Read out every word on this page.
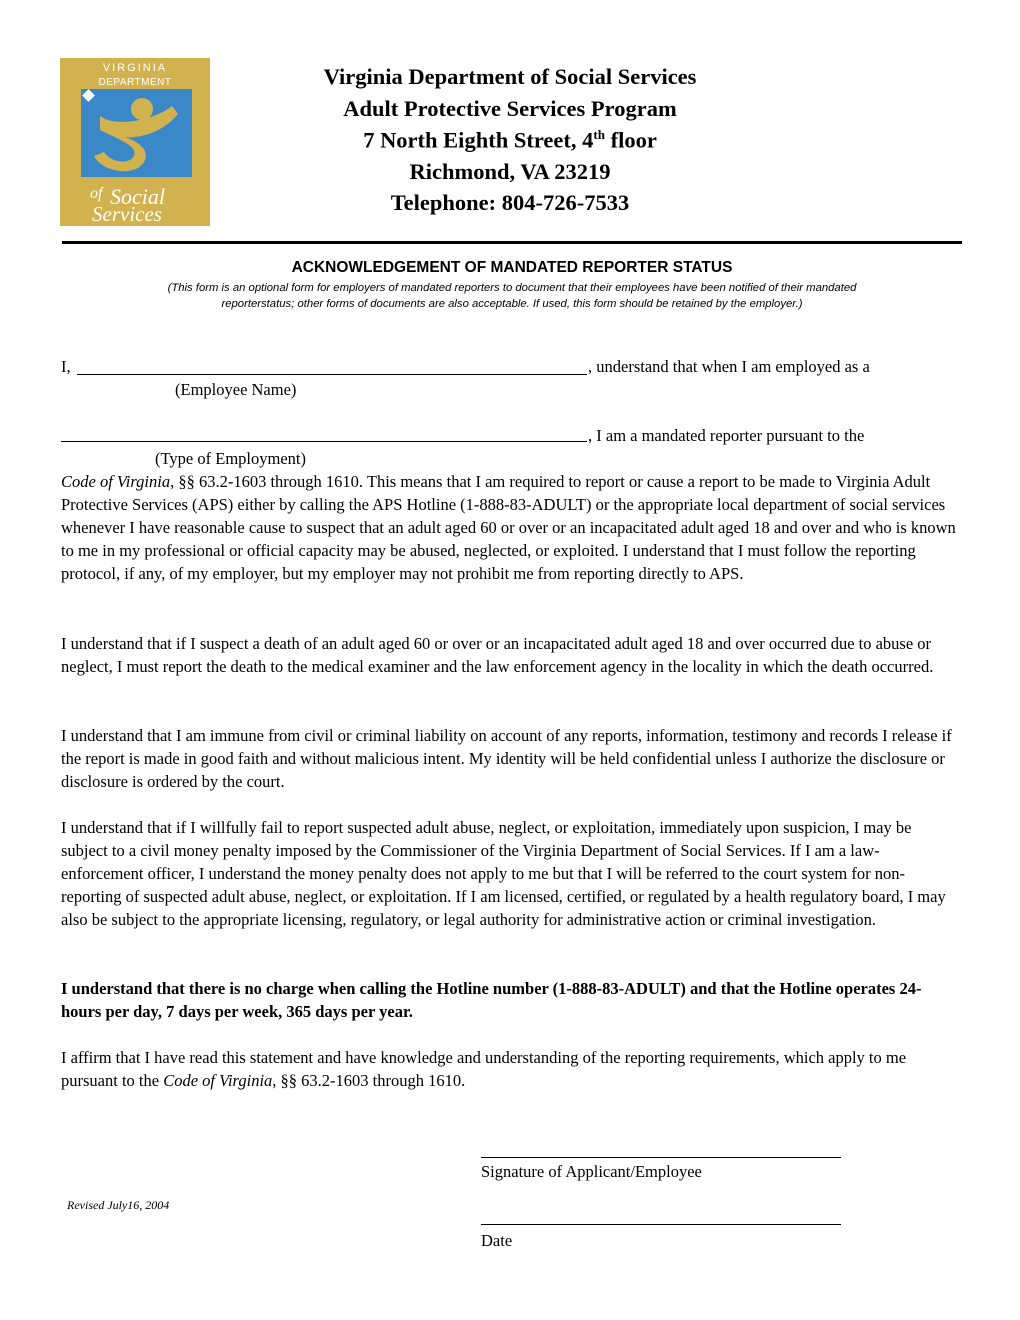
VIRGINIA
DEPARTMENT
of Social
Services
Virginia Department of Social Services
Adult Protective Services Program
7 North Eighth Street, 4th floor
Richmond, VA 23219
Telephone: 804-726-7533
ACKNOWLEDGEMENT OF MANDATED REPORTER STATUS
(This form is an optional form for employers of mandated reporters to document that their employees have been notified of their mandated
reporterstatus; other forms of documents are also acceptable. If used, this form should be retained by the employer.)
I,	, understand that when I am employed as a
(Employee Name)
, I am a mandated reporter pursuant to the
(Type of Employment)
Code of Virginia, §§ 63.2-1603 through 1610. This means that I am required to report or cause a report to be made to Virginia Adult Protective Services (APS) either by calling the APS Hotline (1-888-83-ADULT) or the appropriate local department of social services whenever I have reasonable cause to suspect that an adult aged 60 or over or an incapacitated adult aged 18 and over and who is known to me in my professional or official capacity may be abused, neglected, or exploited. I understand that I must follow the reporting protocol, if any, of my employer, but my employer may not prohibit me from reporting directly to APS.
I understand that if I suspect a death of an adult aged 60 or over or an incapacitated adult aged 18 and over occurred due to abuse or neglect, I must report the death to the medical examiner and the law enforcement agency in the locality in which the death occurred.
I understand that I am immune from civil or criminal liability on account of any reports, information, testimony and records I release if the report is made in good faith and without malicious intent. My identity will be held confidential unless I authorize the disclosure or disclosure is ordered by the court.
I understand that if I willfully fail to report suspected adult abuse, neglect, or exploitation, immediately upon suspicion, I may be subject to a civil money penalty imposed by the Commissioner of the Virginia Department of Social Services. If I am a law-enforcement officer, I understand the money penalty does not apply to me but that I will be referred to the court system for non-reporting of suspected adult abuse, neglect, or exploitation. If I am licensed, certified, or regulated by a health regulatory board, I may also be subject to the appropriate licensing, regulatory, or legal authority for administrative action or criminal investigation.
I understand that there is no charge when calling the Hotline number (1-888-83-ADULT) and that the Hotline operates 24-hours per day, 7 days per week, 365 days per year.
I affirm that I have read this statement and have knowledge and understanding of the reporting requirements, which apply to me pursuant to the Code of Virginia, §§ 63.2-1603 through 1610.
Signature of Applicant/Employee
Date
Revised July16, 2004
